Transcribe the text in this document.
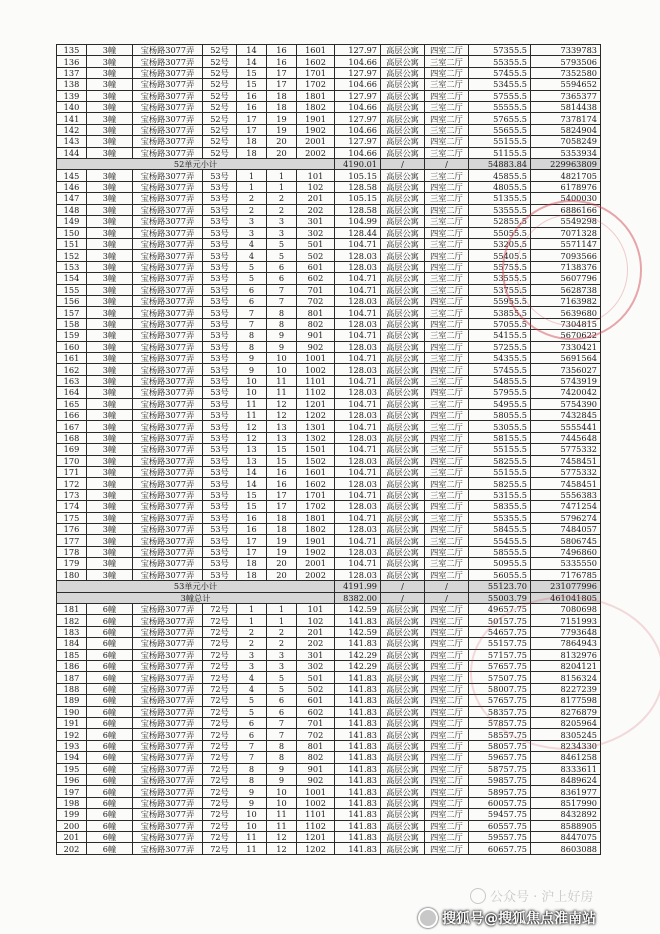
135	3幢	宝杨路3077弄	52号	14	16	1601	127.97	高层公寓	四室二厅	57355.5	7339783
136	3幢	宝杨路3077弄	52号	14	16	1602	104.66	高层公寓	三室二厅	55355.5	5793506
137	3幢	宝杨路3077弄	52号	15	17	1701	127.97	高层公寓	四室二厅	57455.5	7352580
138	3幢	宝杨路3077弄	52号	15	17	1702	104.66	高层公寓	三室二厅	53455.5	5594652
139	3幢	宝杨路3077弄	52号	16	18	1801	127.97	高层公寓	四室二厅	57555.5	7365377
140	3幢	宝杨路3077弄	52号	16	18	1802	104.66	高层公寓	三室二厅	55555.5	5814438
141	3幢	宝杨路3077弄	52号	17	19	1901	127.97	高层公寓	四室二厅	57655.5	7378174
142	3幢	宝杨路3077弄	52号	17	19	1902	104.66	高层公寓	三室二厅	55655.5	5824904
143	3幢	宝杨路3077弄	52号	18	20	2001	127.97	高层公寓	四室二厅	55155.5	7058249
144	3幢	宝杨路3077弄	52号	18	20	2002	104.66	高层公寓	三室二厅	51155.5	5353934
52单元小计							4190.01	/	/	54883.84	229963809
145	3幢	宝杨路3077弄	53号	1	1	101	105.15	高层公寓	三室二厅	45855.5	4821705
146	3幢	宝杨路3077弄	53号	1	1	102	128.58	高层公寓	四室二厅	48055.5	6178976
147	3幢	宝杨路3077弄	53号	2	2	201	105.15	高层公寓	三室二厅	51355.5	5400030
148	3幢	宝杨路3077弄	53号	2	2	202	128.58	高层公寓	四室二厅	53555.5	6886166
149	3幢	宝杨路3077弄	53号	3	3	301	104.99	高层公寓	三室二厅	52855.5	5549298
150	3幢	宝杨路3077弄	53号	3	3	302	128.44	高层公寓	四室二厅	55055.5	7071328
151	3幢	宝杨路3077弄	53号	4	5	501	104.71	高层公寓	三室二厅	53205.5	5571147
152	3幢	宝杨路3077弄	53号	4	5	502	128.03	高层公寓	四室二厅	55405.5	7093566
153	3幢	宝杨路3077弄	53号	5	6	601	128.03	高层公寓	四室二厅	55755.5	7138376
154	3幢	宝杨路3077弄	53号	5	6	602	104.71	高层公寓	三室二厅	53555.5	5607796
155	3幢	宝杨路3077弄	53号	6	7	701	104.71	高层公寓	三室二厅	53755.5	5628738
156	3幢	宝杨路3077弄	53号	6	7	702	128.03	高层公寓	四室二厅	55955.5	7163982
157	3幢	宝杨路3077弄	53号	7	8	801	104.71	高层公寓	三室二厅	53855.5	5639680
158	3幢	宝杨路3077弄	53号	7	8	802	128.03	高层公寓	四室二厅	57055.5	7304815
159	3幢	宝杨路3077弄	53号	8	9	901	104.71	高层公寓	三室二厅	54155.5	5670622
160	3幢	宝杨路3077弄	53号	8	9	902	128.03	高层公寓	四室二厅	57255.5	7330421
161	3幢	宝杨路3077弄	53号	9	10	1001	104.71	高层公寓	三室二厅	54355.5	5691564
162	3幢	宝杨路3077弄	53号	9	10	1002	128.03	高层公寓	四室二厅	57455.5	7356027
163	3幢	宝杨路3077弄	53号	10	11	1101	104.71	高层公寓	三室二厅	54855.5	5743919
164	3幢	宝杨路3077弄	53号	10	11	1102	128.03	高层公寓	四室二厅	57955.5	7420042
165	3幢	宝杨路3077弄	53号	11	12	1201	104.71	高层公寓	三室二厅	54955.5	5754390
166	3幢	宝杨路3077弄	53号	11	12	1202	128.03	高层公寓	四室二厅	58055.5	7432845
167	3幢	宝杨路3077弄	53号	12	13	1301	104.71	高层公寓	三室二厅	53055.5	5555441
168	3幢	宝杨路3077弄	53号	12	13	1302	128.03	高层公寓	四室二厅	58155.5	7445648
169	3幢	宝杨路3077弄	53号	13	15	1501	104.71	高层公寓	三室二厅	55155.5	5775332
170	3幢	宝杨路3077弄	53号	13	15	1502	128.03	高层公寓	四室二厅	58255.5	7458451
171	3幢	宝杨路3077弄	53号	14	16	1601	104.71	高层公寓	三室二厅	55155.5	5775332
172	3幢	宝杨路3077弄	53号	14	16	1602	128.03	高层公寓	四室二厅	58255.5	7458451
173	3幢	宝杨路3077弄	53号	15	17	1701	104.71	高层公寓	三室二厅	53155.5	5556383
174	3幢	宝杨路3077弄	53号	15	17	1702	128.03	高层公寓	四室二厅	58355.5	7471254
175	3幢	宝杨路3077弄	53号	16	18	1801	104.71	高层公寓	三室二厅	55355.5	5796274
176	3幢	宝杨路3077弄	53号	16	18	1802	128.03	高层公寓	四室二厅	58455.5	7484057
177	3幢	宝杨路3077弄	53号	17	19	1901	104.71	高层公寓	三室二厅	55455.5	5806745
178	3幢	宝杨路3077弄	53号	17	19	1902	128.03	高层公寓	四室二厅	58555.5	7496860
179	3幢	宝杨路3077弄	53号	18	20	2001	104.71	高层公寓	三室二厅	50955.5	5335550
180	3幢	宝杨路3077弄	53号	18	20	2002	128.03	高层公寓	四室二厅	56055.5	7176785
53单元小计							4191.99	/	/	55123.70	231077996
3幢总计							8382.00	/	/	55003.79	461041805
181	6幢	宝杨路3077弄	72号	1	1	101	142.59	高层公寓	四室二厅	49657.75	7080698
182	6幢	宝杨路3077弄	72号	1	1	102	141.83	高层公寓	四室二厅	50157.75	7151993
183	6幢	宝杨路3077弄	72号	2	2	201	142.59	高层公寓	四室二厅	54657.75	7793648
184	6幢	宝杨路3077弄	72号	2	2	202	141.83	高层公寓	四室二厅	55157.75	7864943
185	6幢	宝杨路3077弄	72号	3	3	301	142.29	高层公寓	四室二厅	57157.75	8132976
186	6幢	宝杨路3077弄	72号	3	3	302	142.29	高层公寓	四室二厅	57657.75	8204121
187	6幢	宝杨路3077弄	72号	4	5	501	141.83	高层公寓	四室二厅	57507.75	8156324
188	6幢	宝杨路3077弄	72号	4	5	502	141.83	高层公寓	四室二厅	58007.75	8227239
189	6幢	宝杨路3077弄	72号	5	6	601	141.83	高层公寓	四室二厅	57657.75	8177598
190	6幢	宝杨路3077弄	72号	5	6	602	141.83	高层公寓	四室二厅	58357.75	8276879
191	6幢	宝杨路3077弄	72号	6	7	701	141.83	高层公寓	四室二厅	57857.75	8205964
192	6幢	宝杨路3077弄	72号	6	7	702	141.83	高层公寓	四室二厅	58557.75	8305245
193	6幢	宝杨路3077弄	72号	7	8	801	141.83	高层公寓	四室二厅	58057.75	8234330
194	6幢	宝杨路3077弄	72号	7	8	802	141.83	高层公寓	四室二厅	59657.75	8461258
195	6幢	宝杨路3077弄	72号	8	9	901	141.83	高层公寓	四室二厅	58757.75	8333611
196	6幢	宝杨路3077弄	72号	8	9	902	141.83	高层公寓	四室二厅	59857.75	8489624
197	6幢	宝杨路3077弄	72号	9	10	1001	141.83	高层公寓	四室二厅	58957.75	8361977
198	6幢	宝杨路3077弄	72号	9	10	1002	141.83	高层公寓	四室二厅	60057.75	8517990
199	6幢	宝杨路3077弄	72号	10	11	1101	141.83	高层公寓	四室二厅	59457.75	8432892
200	6幢	宝杨路3077弄	72号	10	11	1102	141.83	高层公寓	四室二厅	60557.75	8588905
201	6幢	宝杨路3077弄	72号	11	12	1201	141.83	高层公寓	四室二厅	59557.75	8447075
202	6幢	宝杨路3077弄	72号	11	12	1202	141.83	高层公寓	四室二厅	60657.75	8603088
公众号 · 沪上好房
搜狐号@搜狐焦点淮南站
